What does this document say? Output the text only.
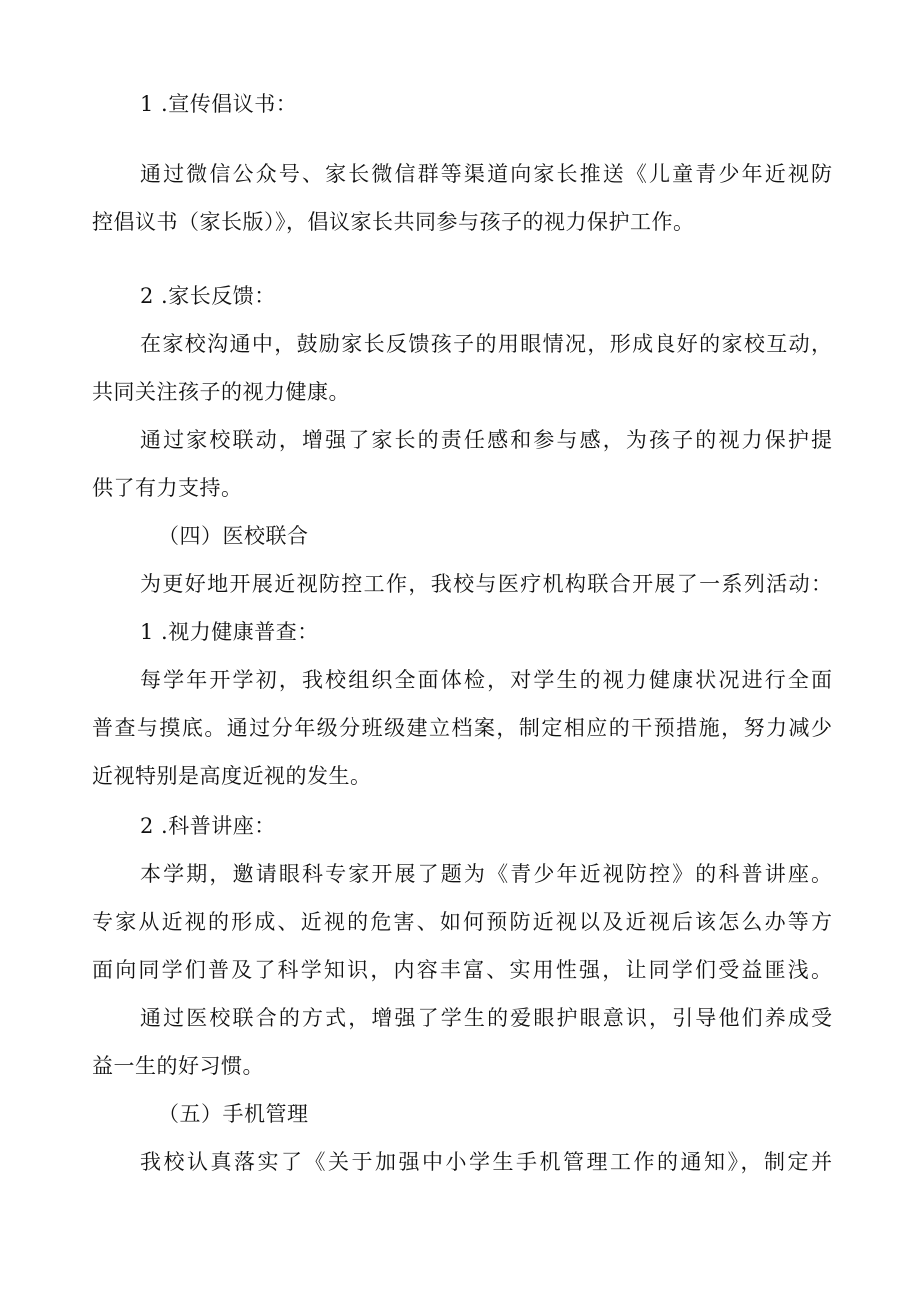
1 .宣传倡议书：
通过微信公众号、家长微信群等渠道向家长推送《儿童青少年近视防
控倡议书（家长版）》，倡议家长共同参与孩子的视力保护工作。
2 .家长反馈：
在家校沟通中，鼓励家长反馈孩子的用眼情况，形成良好的家校互动，
共同关注孩子的视力健康。
通过家校联动，增强了家长的责任感和参与感，为孩子的视力保护提
供了有力支持。
（四）医校联合
为更好地开展近视防控工作，我校与医疗机构联合开展了一系列活动：
1 .视力健康普查：
每学年开学初，我校组织全面体检，对学生的视力健康状况进行全面
普查与摸底。通过分年级分班级建立档案，制定相应的干预措施，努力减少
近视特别是高度近视的发生。
2 .科普讲座：
本学期，邀请眼科专家开展了题为《青少年近视防控》的科普讲座。
专家从近视的形成、近视的危害、如何预防近视以及近视后该怎么办等方
面向同学们普及了科学知识，内容丰富、实用性强，让同学们受益匪浅。
通过医校联合的方式，增强了学生的爱眼护眼意识，引导他们养成受
益一生的好习惯。
（五）手机管理
我校认真落实了《关于加强中小学生手机管理工作的通知》，制定并
